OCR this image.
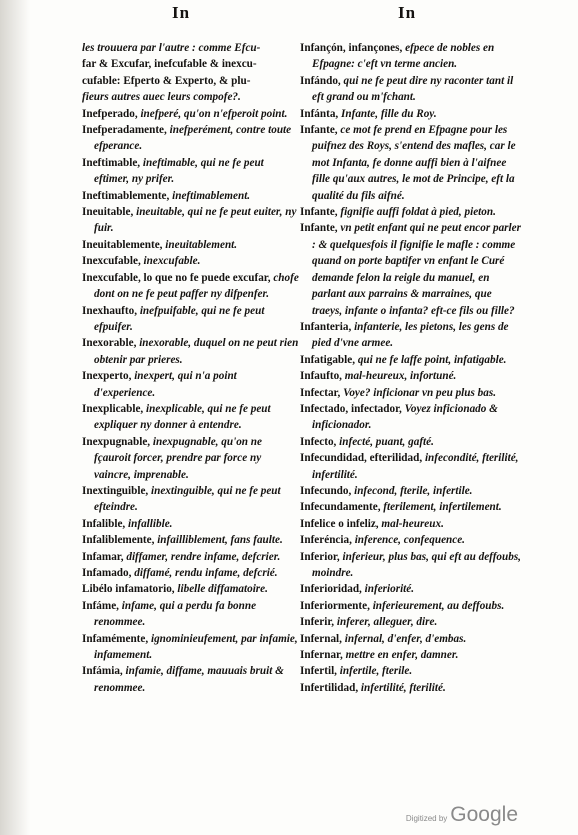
In	In

les trouuera par l'autre : comme Efcu-

far & Excufar, inefcufable & inexcu-

cufable: Efperto & Experto, & plu-

fieurs autres auec leurs compofe?.

Inefperado, inefperé, qu'on n'efperoit point.

Inefperadamente, inefperément, contre toute efperance.

Ineftimable, ineftimable, qui ne fe peut eftimer, ny prifer.

Ineftimablemente, ineftimablement.

Ineuitable, ineuitable, qui ne fe peut euiter, ny fuir.

Ineuitablemente, ineuitablement.

Inexcufable, inexcufable.

Inexcufable, lo que no fe puede excufar, chofe dont on ne fe peut paffer ny difpenfer.

Inexhaufto, inefpuifable, qui ne fe peut efpuifer.

Inexorable, inexorable, duquel on ne peut rien obtenir par prieres.

Inexperto, inexpert, qui n'a point d'experience.

Inexplicable, inexplicable, qui ne fe peut expliquer ny donner à entendre.

Inexpugnable, inexpugnable, qu'on ne fçauroit forcer, prendre par force ny vaincre, imprenable.

Inextinguible, inextinguible, qui ne fe peut efteindre.

Infalible, infallible.

Infaliblemente, infailliblement, fans faulte.

Infamar, diffamer, rendre infame, defcrier.

Infamado, diffamé, rendu infame, defcrié.

Libélo infamatorio, libelle diffamatoire.

Infáme, infame, qui a perdu fa bonne renommee.

Infamémente, ignominieufement, par infamie, infamement.

Infámia, infamie, diffame, mauuais bruit & renommee.

Infançón, infançones, efpece de nobles en Efpagne: c'eft vn terme ancien.

Infándo, qui ne fe peut dire ny raconter tant il eft grand ou m'fchant.

Infánta, Infante, fille du Roy.

Infante, ce mot fe prend en Efpagne pour les puifnez des Roys, s'entend des mafles, car le mot Infanta, fe donne auffi bien à l'aifnee fille qu'aux autres, le mot de Principe, eft la qualité du fils aifné.

Infante, fignifie auffi foldat à pied, pieton.

Infante, vn petit enfant qui ne peut encor parler : & quelquesfois il fignifie le mafle : comme quand on porte baptifer vn enfant le Curé demande felon la reigle du manuel, en parlant aux parrains & marraines, que traeys, infante o infanta? eft-ce fils ou fille?

Infanteria, infanterie, les pietons, les gens de pied d'vne armee.

Infatigable, qui ne fe laffe point, infatigable.

Infaufto, mal-heureux, infortuné.

Infectar, Voye? inficionar vn peu plus bas.

Infectado, infectador, Voyez inficionado & inficionador.

Infecto, infecté, puant, gafté.

Infecundidad, efterilidad, infecondité, fterilité, infertilité.

Infecundo, infecond, fterile, infertile.

Infecundamente, fterilement, infertilement.

Infelice o infeliz, mal-heureux.

Inferéncia, inference, confequence.

Inferior, inferieur, plus bas, qui eft au deffoubs, moindre.

Inferioridad, inferiorité.

Inferiormente, inferieurement, au deffoubs.

Inferir, inferer, alleguer, dire.

Infernal, infernal, d'enfer, d'embas.

Infernar, mettre en enfer, damner.

Infertil, infertile, fterile.

Infertilidad, infertilité, fterilité.

Digitized by Google
